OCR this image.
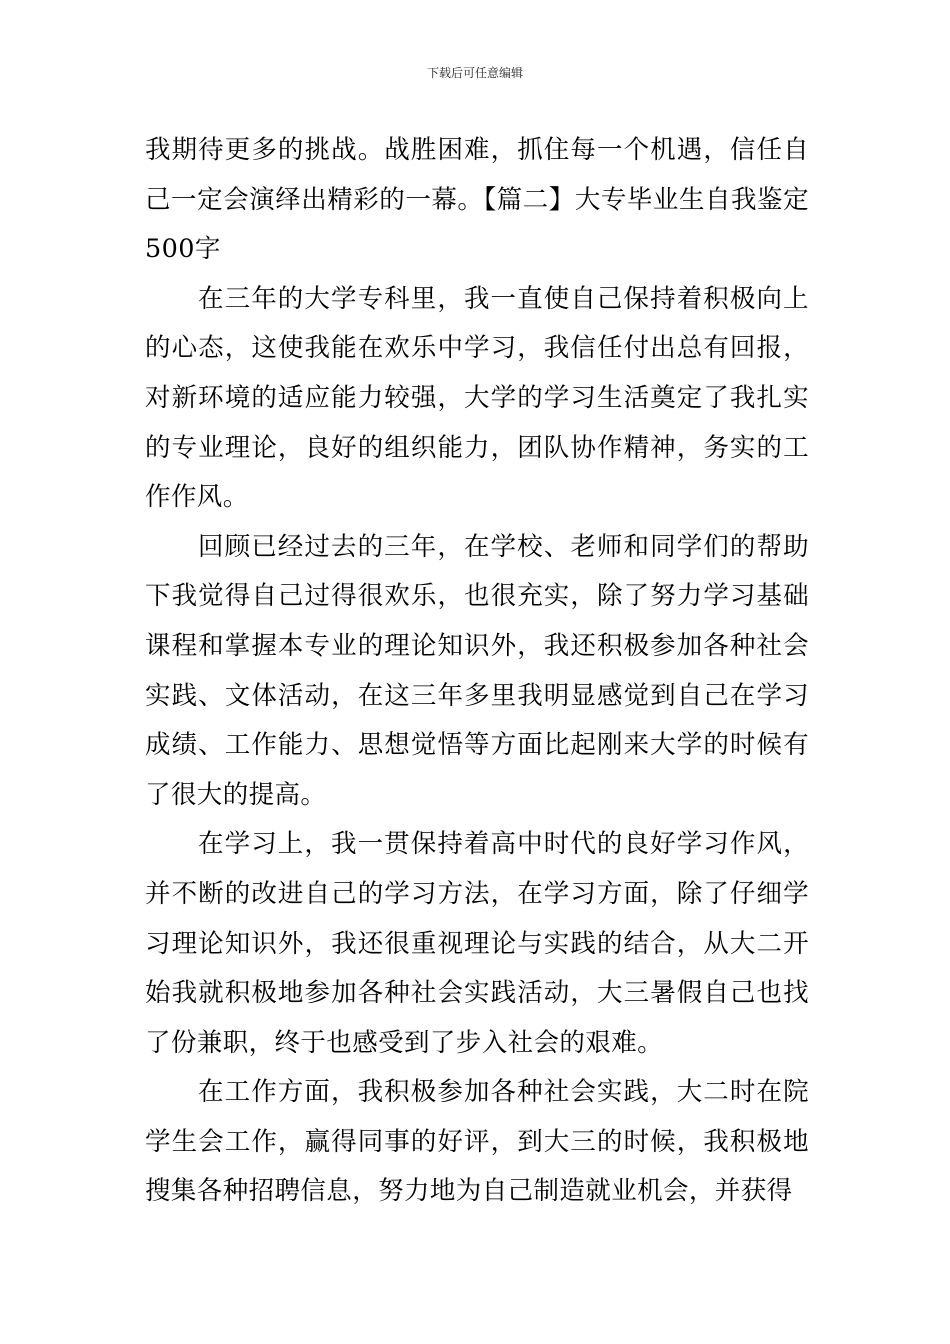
下载后可任意编辑

我期待更多的挑战。战胜困难，抓住每一个机遇，信任自己一定会演绎出精彩的一幕。【篇二】大专毕业生自我鉴定500字

在三年的大学专科里，我一直使自己保持着积极向上的心态，这使我能在欢乐中学习，我信任付出总有回报，对新环境的适应能力较强，大学的学习生活奠定了我扎实的专业理论，良好的组织能力，团队协作精神，务实的工作作风。

回顾已经过去的三年，在学校、老师和同学们的帮助下我觉得自己过得很欢乐，也很充实，除了努力学习基础课程和掌握本专业的理论知识外，我还积极参加各种社会实践、文体活动，在这三年多里我明显感觉到自己在学习成绩、工作能力、思想觉悟等方面比起刚来大学的时候有了很大的提高。

在学习上，我一贯保持着高中时代的良好学习作风，并不断的改进自己的学习方法，在学习方面，除了仔细学习理论知识外，我还很重视理论与实践的结合，从大二开始我就积极地参加各种社会实践活动，大三暑假自己也找了份兼职，终于也感受到了步入社会的艰难。

在工作方面，我积极参加各种社会实践，大二时在院学生会工作，赢得同事的好评，到大三的时候，我积极地搜集各种招聘信息，努力地为自己制造就业机会，并获得
